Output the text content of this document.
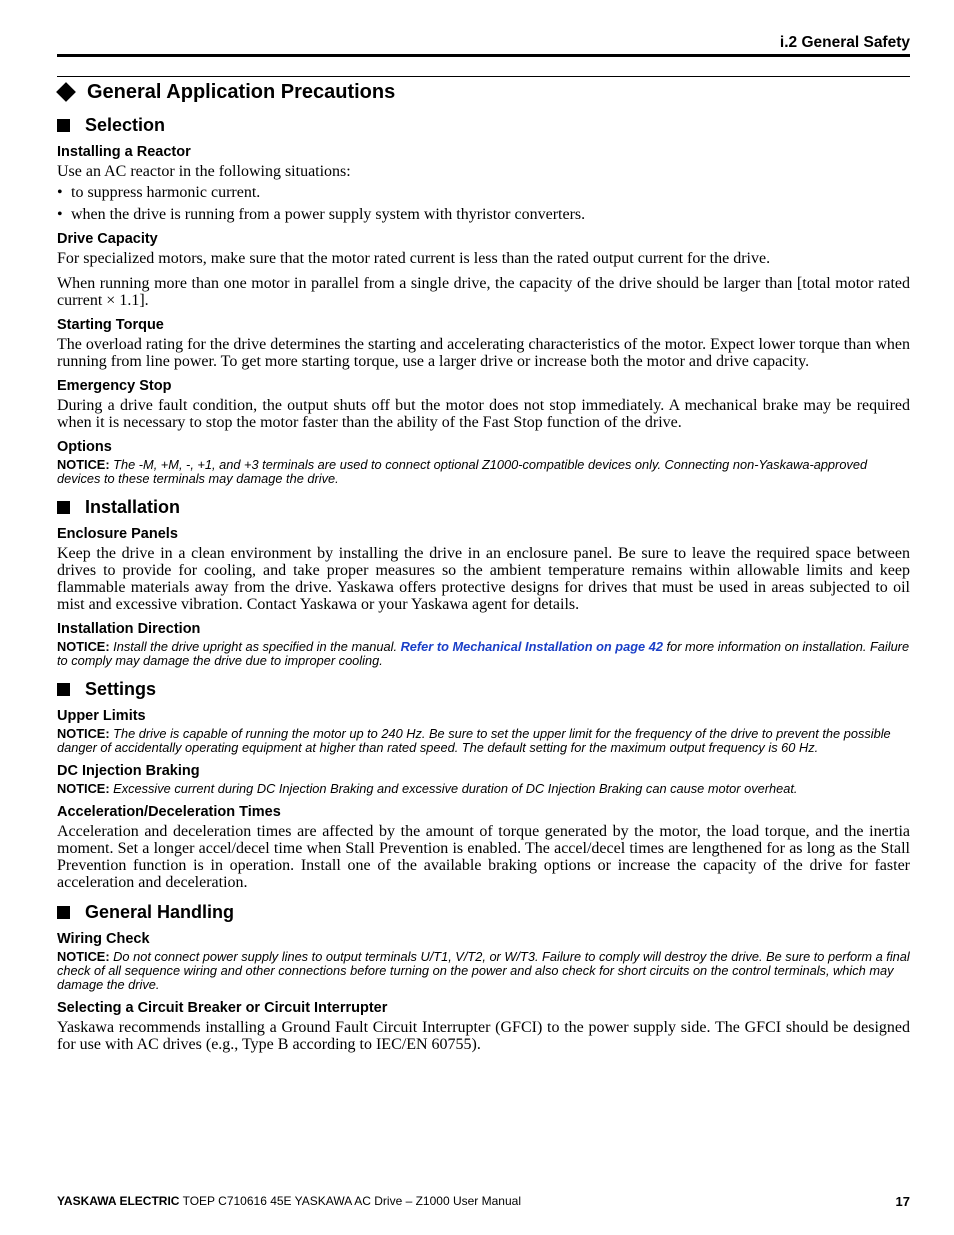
i.2 General Safety
General Application Precautions
Selection
Installing a Reactor
Use an AC reactor in the following situations:
• to suppress harmonic current.
• when the drive is running from a power supply system with thyristor converters.
Drive Capacity
For specialized motors, make sure that the motor rated current is less than the rated output current for the drive.
When running more than one motor in parallel from a single drive, the capacity of the drive should be larger than [total motor rated current × 1.1].
Starting Torque
The overload rating for the drive determines the starting and accelerating characteristics of the motor. Expect lower torque than when running from line power. To get more starting torque, use a larger drive or increase both the motor and drive capacity.
Emergency Stop
During a drive fault condition, the output shuts off but the motor does not stop immediately. A mechanical brake may be required when it is necessary to stop the motor faster than the ability of the Fast Stop function of the drive.
Options
NOTICE: The -M, +M, -, +1, and +3 terminals are used to connect optional Z1000-compatible devices only. Connecting non-Yaskawa-approved devices to these terminals may damage the drive.
Installation
Enclosure Panels
Keep the drive in a clean environment by installing the drive in an enclosure panel. Be sure to leave the required space between drives to provide for cooling, and take proper measures so the ambient temperature remains within allowable limits and keep flammable materials away from the drive. Yaskawa offers protective designs for drives that must be used in areas subjected to oil mist and excessive vibration. Contact Yaskawa or your Yaskawa agent for details.
Installation Direction
NOTICE: Install the drive upright as specified in the manual. Refer to Mechanical Installation on page 42 for more information on installation. Failure to comply may damage the drive due to improper cooling.
Settings
Upper Limits
NOTICE: The drive is capable of running the motor up to 240 Hz. Be sure to set the upper limit for the frequency of the drive to prevent the possible danger of accidentally operating equipment at higher than rated speed. The default setting for the maximum output frequency is 60 Hz.
DC Injection Braking
NOTICE: Excessive current during DC Injection Braking and excessive duration of DC Injection Braking can cause motor overheat.
Acceleration/Deceleration Times
Acceleration and deceleration times are affected by the amount of torque generated by the motor, the load torque, and the inertia moment. Set a longer accel/decel time when Stall Prevention is enabled. The accel/decel times are lengthened for as long as the Stall Prevention function is in operation. Install one of the available braking options or increase the capacity of the drive for faster acceleration and deceleration.
General Handling
Wiring Check
NOTICE: Do not connect power supply lines to output terminals U/T1, V/T2, or W/T3. Failure to comply will destroy the drive. Be sure to perform a final check of all sequence wiring and other connections before turning on the power and also check for short circuits on the control terminals, which may damage the drive.
Selecting a Circuit Breaker or Circuit Interrupter
Yaskawa recommends installing a Ground Fault Circuit Interrupter (GFCI) to the power supply side. The GFCI should be designed for use with AC drives (e.g., Type B according to IEC/EN 60755).
YASKAWA ELECTRIC TOEP C710616 45E YASKAWA AC Drive – Z1000 User Manual	17
